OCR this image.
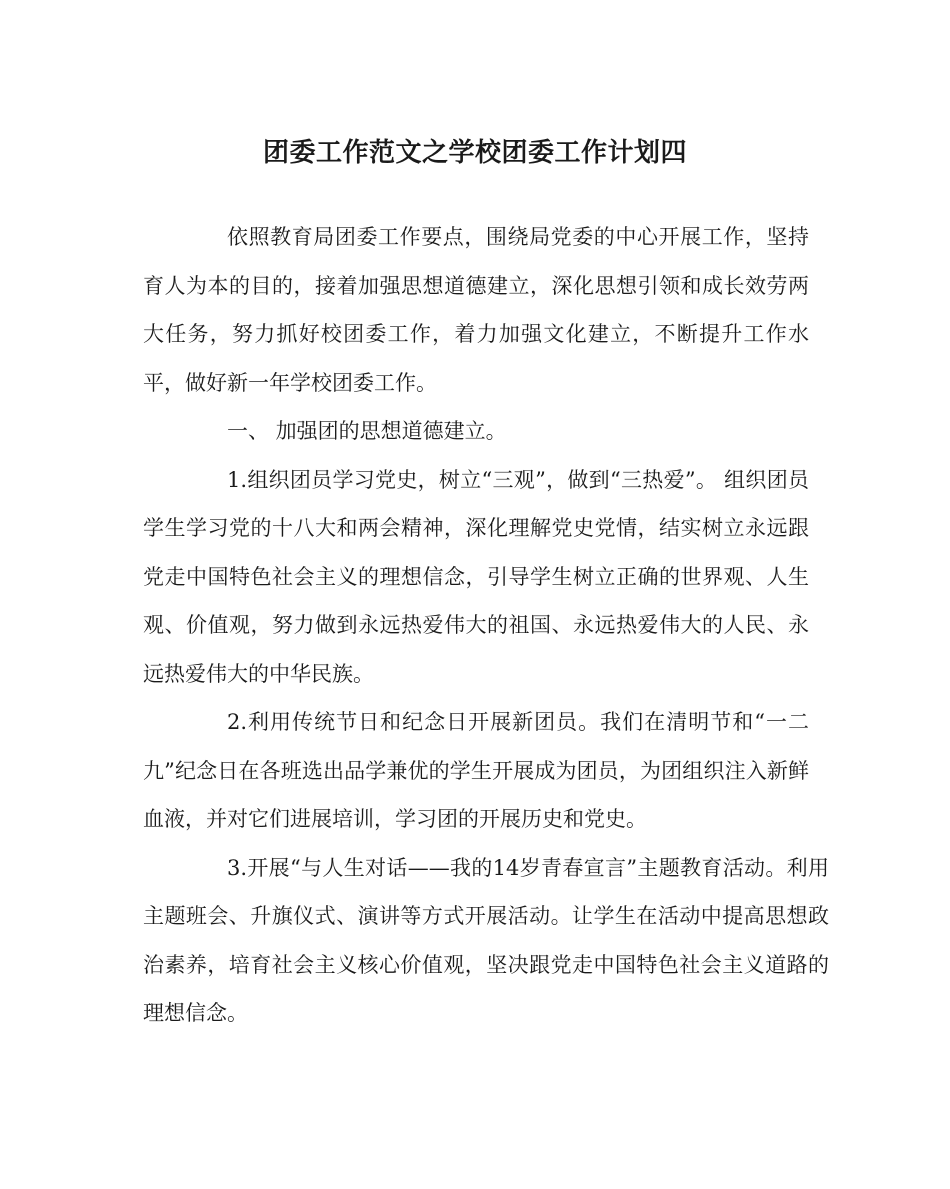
团委工作范文之学校团委工作计划四

依照教育局团委工作要点，围绕局党委的中心开展工作，坚持育人为本的目的，接着加强思想道德建立，深化思想引领和成长效劳两大任务，努力抓好校团委工作，着力加强文化建立，不断提升工作水平，做好新一年学校团委工作。

一、 加强团的思想道德建立。

1.组织团员学习党史，树立“三观”，做到“三热爱”。 组织团员学生学习党的十八大和两会精神，深化理解党史党情，结实树立永远跟党走中国特色社会主义的理想信念，引导学生树立正确的世界观、人生观、价值观，努力做到永远热爱伟大的祖国、永远热爱伟大的人民、永远热爱伟大的中华民族。

2.利用传统节日和纪念日开展新团员。我们在清明节和“一二九”纪念日在各班选出品学兼优的学生开展成为团员，为团组织注入新鲜血液，并对它们进展培训，学习团的开展历史和党史。

3.开展“与人生对话——我的14岁青春宣言”主题教育活动。利用主题班会、升旗仪式、演讲等方式开展活动。让学生在活动中提高思想政治素养，培育社会主义核心价值观，坚决跟党走中国特色社会主义道路的理想信念。
